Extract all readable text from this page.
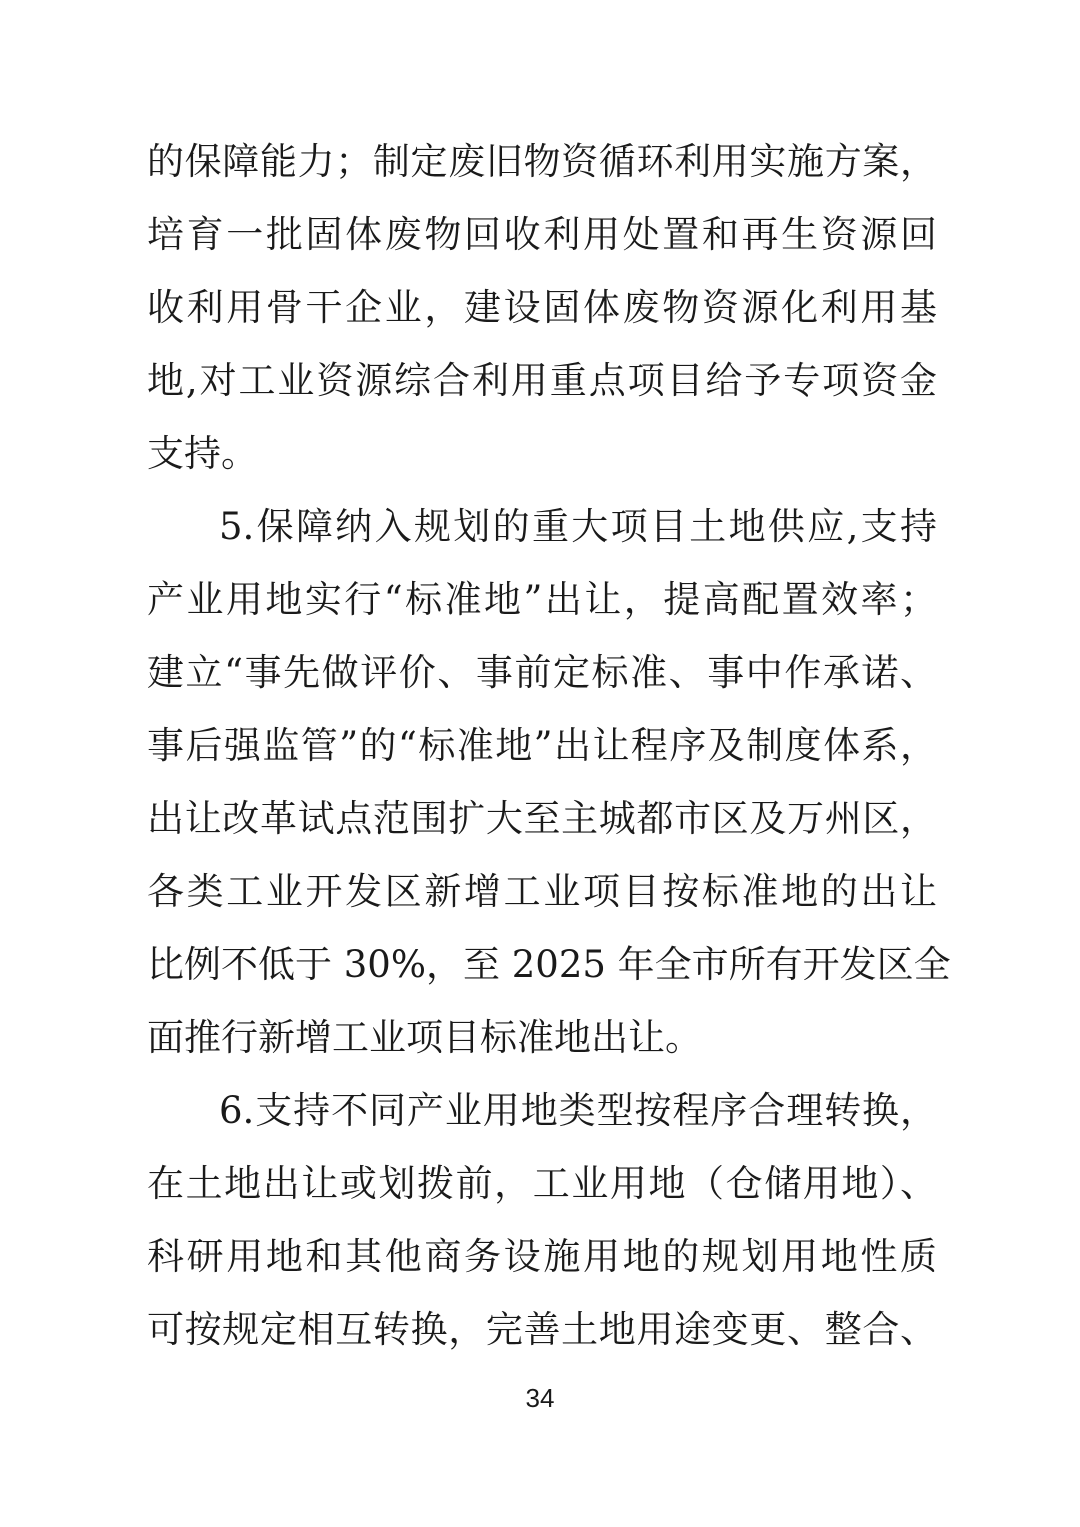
的保障能力；制定废旧物资循环利用实施方案，
培育一批固体废物回收利用处置和再生资源回
收利用骨干企业，建设固体废物资源化利用基
地,对工业资源综合利用重点项目给予专项资金
支持。
5.保障纳入规划的重大项目土地供应,支持
产业用地实行“标准地”出让，提高配置效率；
建立“事先做评价、事前定标准、事中作承诺、
事后强监管”的“标准地”出让程序及制度体系，
出让改革试点范围扩大至主城都市区及万州区，
各类工业开发区新增工业项目按标准地的出让
比例不低于 30%，至 2025 年全市所有开发区全
面推行新增工业项目标准地出让。
6.支持不同产业用地类型按程序合理转换，
在土地出让或划拨前，工业用地（仓储用地）、
科研用地和其他商务设施用地的规划用地性质
可按规定相互转换，完善土地用途变更、整合、
34
